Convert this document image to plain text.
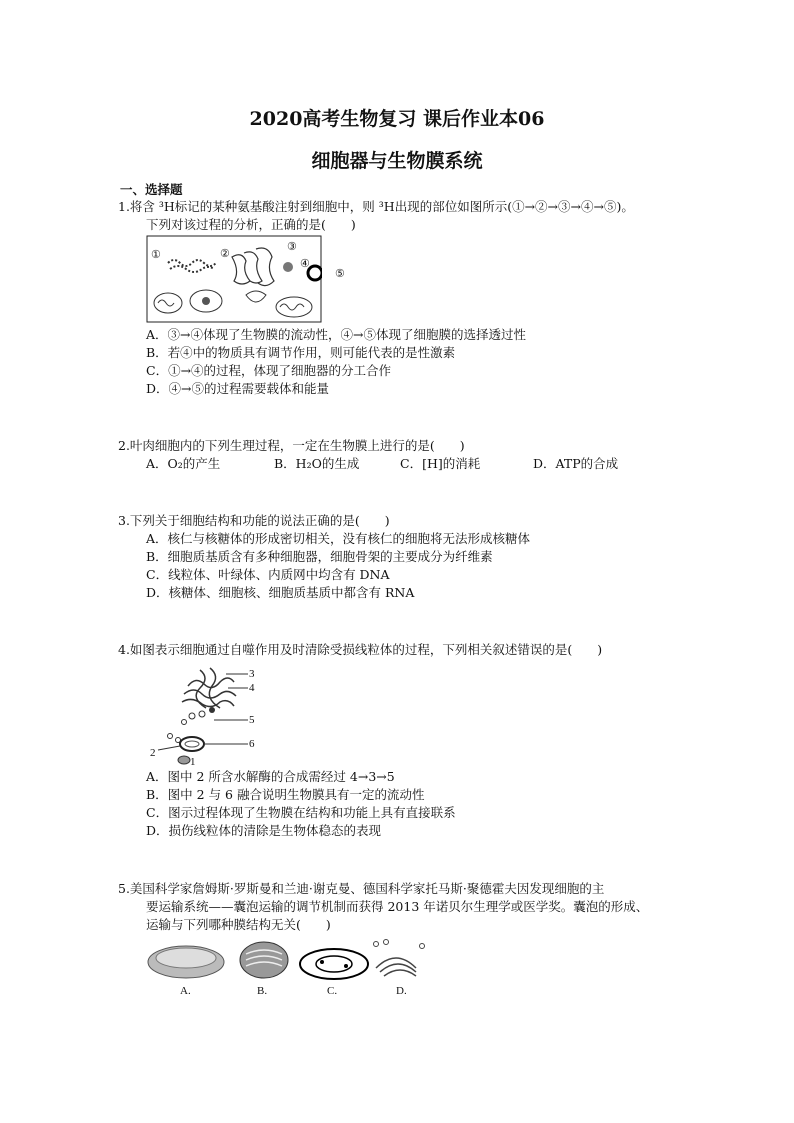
2020高考生物复习 课后作业本06
细胞器与生物膜系统
一、选择题
1.将含 ³H标记的某种氨基酸注射到细胞中，则 ³H出现的部位如图所示(①→②→③→④→⑤)。
下列对该过程的分析，正确的是(　　)
①	②
③
④
⑤
A．③→④体现了生物膜的流动性，④→⑤体现了细胞膜的选择透过性
B．若④中的物质具有调节作用，则可能代表的是性激素
C．①→④的过程，体现了细胞器的分工合作
D．④→⑤的过程需要载体和能量
2.叶肉细胞内的下列生理过程，一定在生物膜上进行的是(　　)
A．O₂的产生	B．H₂O的生成	C．[H]的消耗	D．ATP的合成
3.下列关于细胞结构和功能的说法正确的是(　　)
A．核仁与核糖体的形成密切相关，没有核仁的细胞将无法形成核糖体
B．细胞质基质含有多种细胞器，细胞骨架的主要成分为纤维素
C．线粒体、叶绿体、内质网中均含有 DNA
D．核糖体、细胞核、细胞质基质中都含有 RNA
4.如图表示细胞通过自噬作用及时清除受损线粒体的过程，下列相关叙述错误的是(　　)
3
4
5
6
2
1
A．图中 2 所含水解酶的合成需经过 4→3→5
B．图中 2 与 6 融合说明生物膜具有一定的流动性
C．图示过程体现了生物膜在结构和功能上具有直接联系
D．损伤线粒体的清除是生物体稳态的表现
5.美国科学家詹姆斯·罗斯曼和兰迪·谢克曼、德国科学家托马斯·聚德霍夫因发现细胞的主
要运输系统——囊泡运输的调节机制而获得 2013 年诺贝尔生理学或医学奖。囊泡的形成、
运输与下列哪种膜结构无关(　　)
A.	B.	C.	D.
